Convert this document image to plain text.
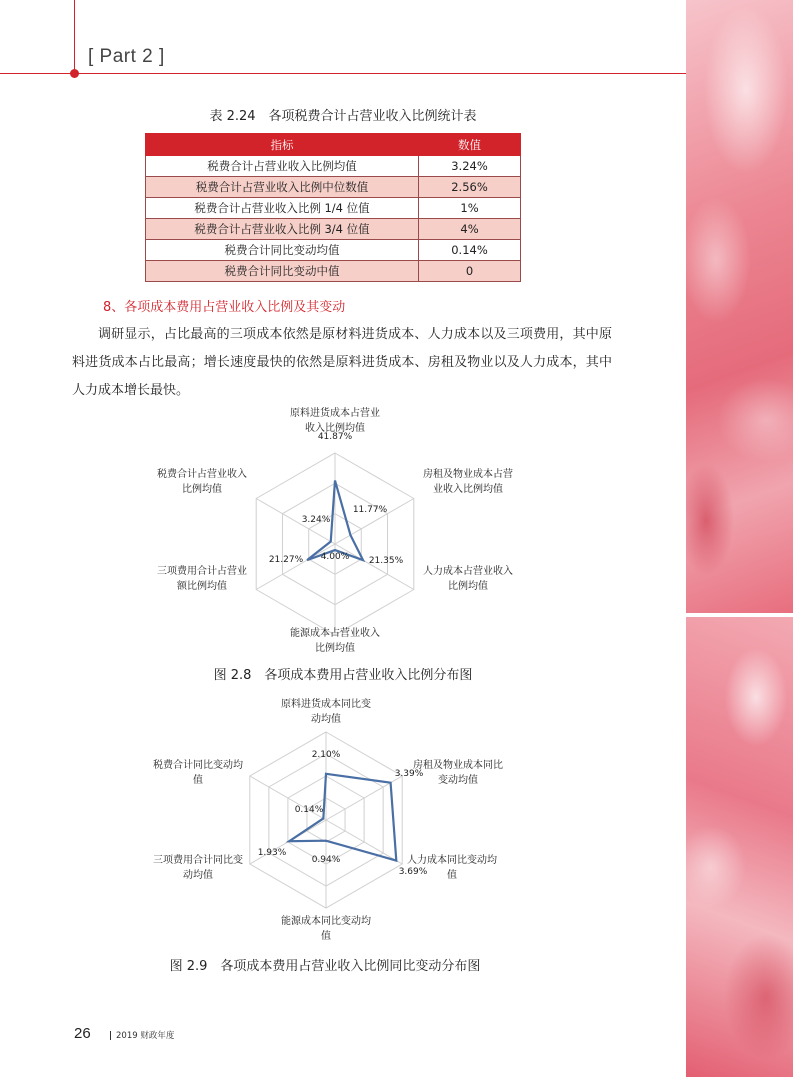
[ Part 2 ]
表 2.24　各项税费合计占营业收入比例统计表
指标	数值
税费合计占营业收入比例均值	3.24%
税费合计占营业收入比例中位数值	2.56%
税费合计占营业收入比例 1/4 位值	1%
税费合计占营业收入比例 3/4 位值	4%
税费合计同比变动均值	0.14%
税费合计同比变动中值	0
8、各项成本费用占营业收入比例及其变动

调研显示，占比最高的三项成本依然是原材料进货成本、人力成本以及三项费用，其中原料进货成本占比最高；增长速度最快的依然是原料进货成本、房租及物业以及人力成本，其中人力成本增长最快。

原料进货成本占营业收入比例均值
41.87%
房租及物业成本占营业收入比例均值
11.77%
人力成本占营业收入比例均值
21.35%
能源成本占营业收入比例均值
4.00%
三项费用合计占营业额比例均值
21.27%
税费合计占营业收入比例均值
3.24%
图 2.8　各项成本费用占营业收入比例分布图
原料进货成本同比变动均值
2.10%
房租及物业成本同比变动均值
3.39%
人力成本同比变动均值
3.69%
能源成本同比变动均值
0.94%
三项费用合计同比变动均值
1.93%
税费合计同比变动均值
0.14%
图 2.9　各项成本费用占营业收入比例同比变动分布图
26	2019 财政年度
